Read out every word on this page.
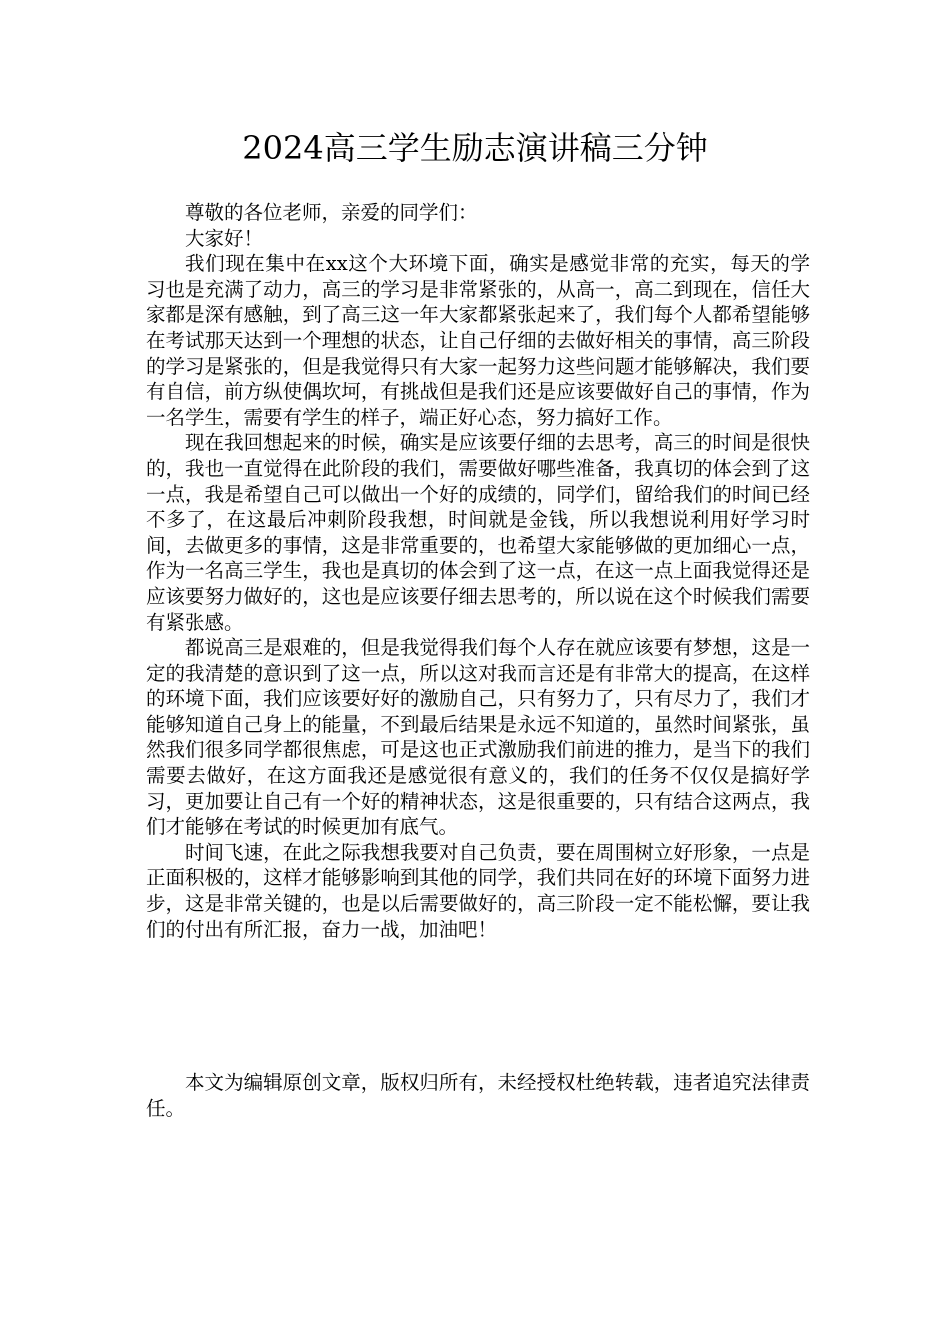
2024高三学生励志演讲稿三分钟

尊敬的各位老师，亲爱的同学们：

大家好！

我们现在集中在xx这个大环境下面，确实是感觉非常的充实，每天的学习也是充满了动力，高三的学习是非常紧张的，从高一，高二到现在，信任大家都是深有感触，到了高三这一年大家都紧张起来了，我们每个人都希望能够在考试那天达到一个理想的状态，让自己仔细的去做好相关的事情，高三阶段的学习是紧张的，但是我觉得只有大家一起努力这些问题才能够解决，我们要有自信，前方纵使偶坎坷，有挑战但是我们还是应该要做好自己的事情，作为一名学生，需要有学生的样子，端正好心态，努力搞好工作。

现在我回想起来的时候，确实是应该要仔细的去思考，高三的时间是很快的，我也一直觉得在此阶段的我们，需要做好哪些准备，我真切的体会到了这一点，我是希望自己可以做出一个好的成绩的，同学们，留给我们的时间已经不多了，在这最后冲刺阶段我想，时间就是金钱，所以我想说利用好学习时间，去做更多的事情，这是非常重要的，也希望大家能够做的更加细心一点，作为一名高三学生，我也是真切的体会到了这一点，在这一点上面我觉得还是应该要努力做好的，这也是应该要仔细去思考的，所以说在这个时候我们需要有紧张感。

都说高三是艰难的，但是我觉得我们每个人存在就应该要有梦想，这是一定的我清楚的意识到了这一点，所以这对我而言还是有非常大的提高，在这样的环境下面，我们应该要好好的激励自己，只有努力了，只有尽力了，我们才能够知道自己身上的能量，不到最后结果是永远不知道的，虽然时间紧张，虽然我们很多同学都很焦虑，可是这也正式激励我们前进的推力，是当下的我们需要去做好，在这方面我还是感觉很有意义的，我们的任务不仅仅是搞好学习，更加要让自己有一个好的精神状态，这是很重要的，只有结合这两点，我们才能够在考试的时候更加有底气。

时间飞速，在此之际我想我要对自己负责，要在周围树立好形象，一点是正面积极的，这样才能够影响到其他的同学，我们共同在好的环境下面努力进步，这是非常关键的，也是以后需要做好的，高三阶段一定不能松懈，要让我们的付出有所汇报，奋力一战，加油吧！

本文为编辑原创文章，版权归所有，未经授权杜绝转载，违者追究法律责任。
